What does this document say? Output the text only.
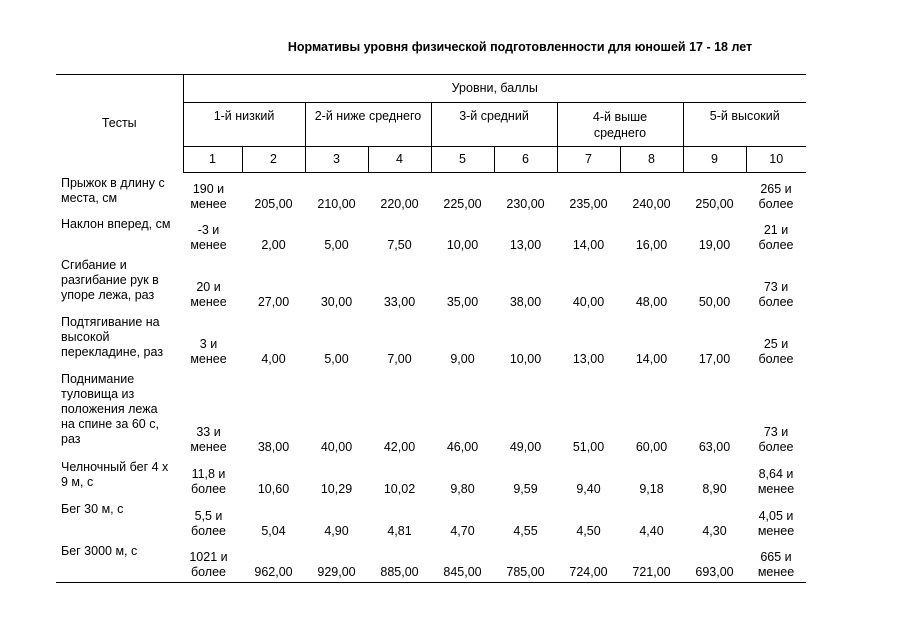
Нормативы уровня физической подготовленности для юношей 17 - 18 лет
Тесты	Уровни, баллы									
	1-й низкий		2-й ниже среднего		3-й средний		4-й выше
среднего		5-й высокий	
	1	2	3	4	5	6	7	8	9	10
Прыжок в длину с
места, см	190 и
менее	205,00	210,00	220,00	225,00	230,00	235,00	240,00	250,00	265 и
более
Наклон вперед, см	-3 и
менее	2,00	5,00	7,50	10,00	13,00	14,00	16,00	19,00	21 и
более
Сгибание и
разгибание рук в
упоре лежа, раз	20 и
менее	27,00	30,00	33,00	35,00	38,00	40,00	48,00	50,00	73 и
более
Подтягивание на
высокой
перекладине, раз	3 и
менее	4,00	5,00	7,00	9,00	10,00	13,00	14,00	17,00	25 и
более
Поднимание
туловища из
положения лежа
на спине за 60 с,
раз	33 и
менее	38,00	40,00	42,00	46,00	49,00	51,00	60,00	63,00	73 и
более
Челночный бег 4 х
9 м, с	11,8 и
более	10,60	10,29	10,02	9,80	9,59	9,40	9,18	8,90	8,64 и
менее
Бег 30 м, с	5,5 и
более	5,04	4,90	4,81	4,70	4,55	4,50	4,40	4,30	4,05 и
менее
Бег 3000 м, с	1021 и
более	962,00	929,00	885,00	845,00	785,00	724,00	721,00	693,00	665 и
менее
